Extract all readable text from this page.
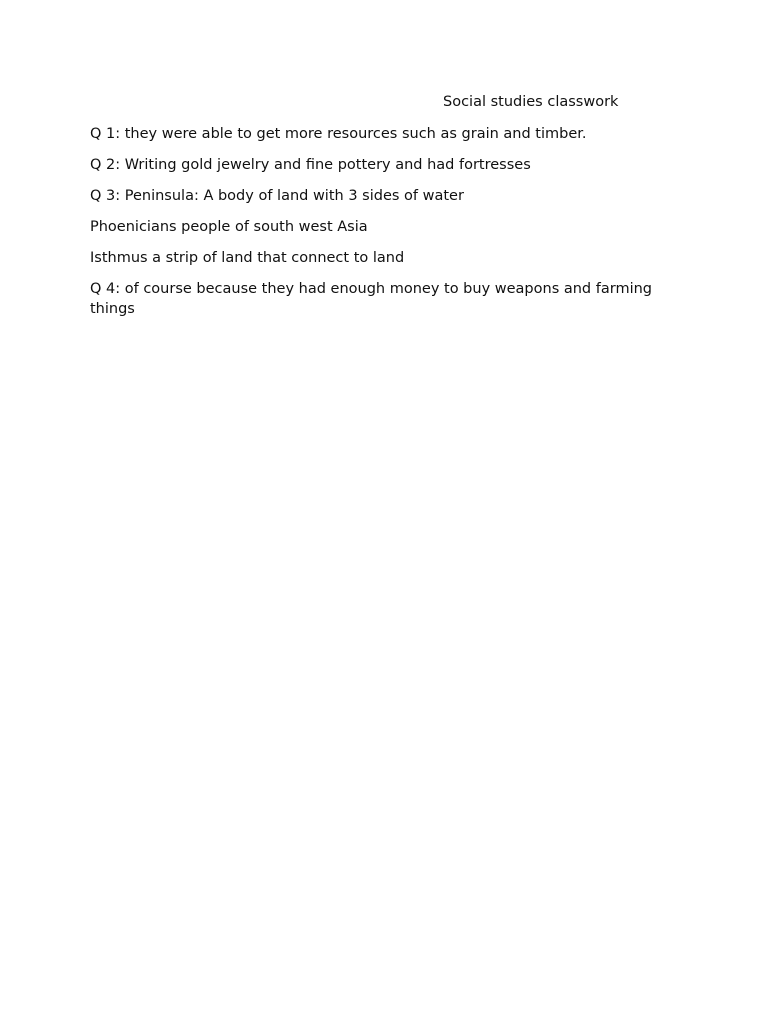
Social studies classwork

Q 1: they were able to get more resources such as grain and timber.

Q 2: Writing gold jewelry and fine pottery and had fortresses

Q 3: Peninsula: A body of land with 3 sides of water

Phoenicians people of south west Asia

Isthmus a strip of land that connect to land

Q 4: of course because they had enough money to buy weapons and farming things
